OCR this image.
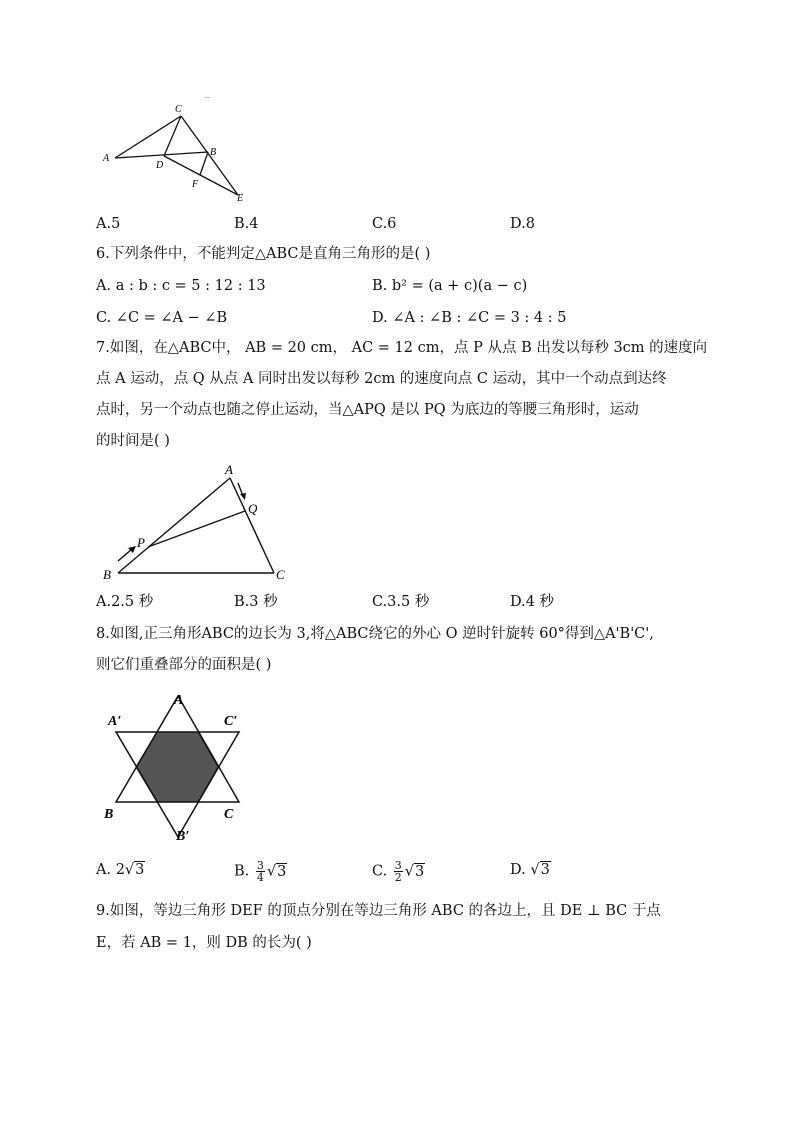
C
A
D
B
F
E
A.5	B.4	C.6	D.8
6.下列条件中，不能判定△ABC是直角三角形的是( )
A. a : b : c = 5 : 12 : 13	B. b² = (a + c)(a − c)
C. ∠C = ∠A − ∠B	D. ∠A : ∠B : ∠C = 3 : 4 : 5
7.如图，在△ABC中， AB = 20 cm， AC = 12 cm，点 P 从点 B 出发以每秒 3cm 的速度向
点 A 运动，点 Q 从点 A 同时出发以每秒 2cm 的速度向点 C 运动，其中一个动点到达终
点时，另一个动点也随之停止运动，当△APQ 是以 PQ 为底边的等腰三角形时，运动
的时间是( )
A
Q
P
B	C
A.2.5 秒	B.3 秒	C.3.5 秒	D.4 秒
8.如图,正三角形ABC的边长为 3,将△ABC绕它的外心 O 逆时针旋转 60°得到△A'B'C',
则它们重叠部分的面积是( )
A
A′	C′
B	C
B′
A. 2√3	B. $\frac{3}{4} √3$	C. $\frac{3}{2} √3$	D. √3
9.如图，等边三角形 DEF 的顶点分别在等边三角形 ABC 的各边上，且 DE ⊥ BC 于点
E，若 AB = 1，则 DB 的长为( )
